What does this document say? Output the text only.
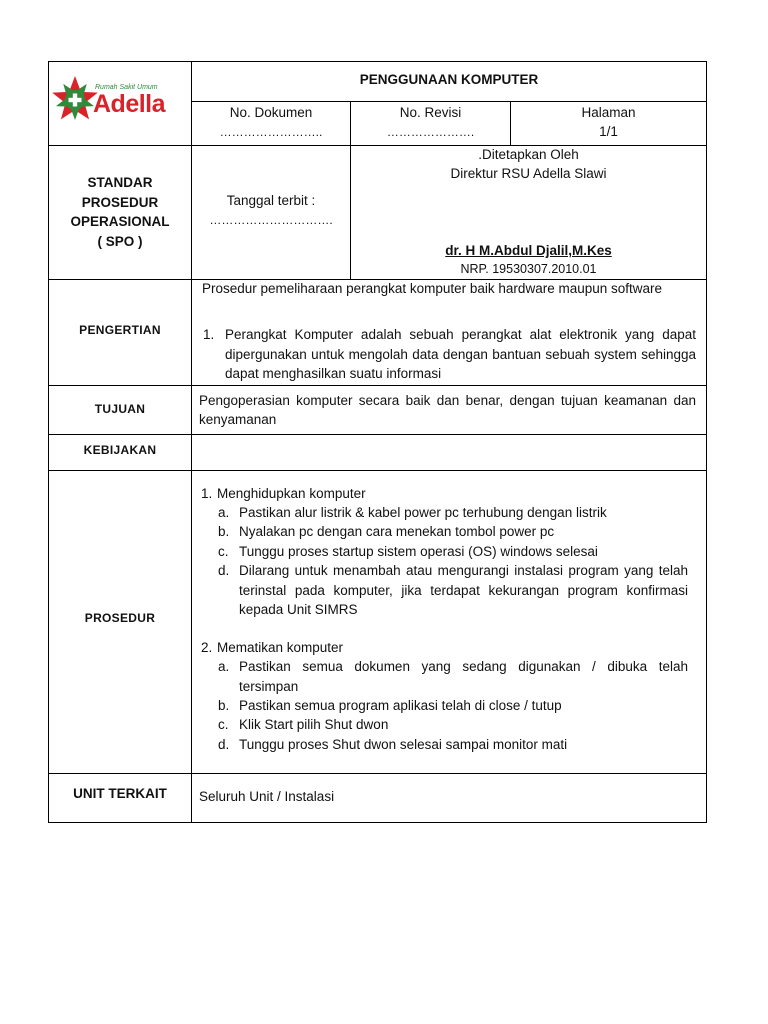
Rumah Sakit Umum
Adella
PENGGUNAAN KOMPUTER
No. Dokumen
……………………..
No. Revisi
………………….
Halaman
1/1
STANDAR
PROSEDUR
OPERASIONAL
( SPO )
Tanggal terbit :
………………………….
.Ditetapkan Oleh
Direktur RSU Adella Slawi
dr. H M.Abdul Djalil,M.Kes
NRP. 19530307.2010.01
PENGERTIAN
Prosedur pemeliharaan perangkat komputer baik hardware maupun software
1. Perangkat Komputer adalah sebuah perangkat alat elektronik yang dapat dipergunakan untuk mengolah data dengan bantuan sebuah system sehingga dapat menghasilkan suatu informasi
TUJUAN
Pengoperasian komputer secara baik dan benar, dengan tujuan keamanan dan kenyamanan
KEBIJAKAN
PROSEDUR
1. Menghidupkan komputer
a. Pastikan alur listrik & kabel power pc terhubung dengan listrik
b. Nyalakan pc dengan cara menekan tombol power pc
c. Tunggu proses startup sistem operasi (OS) windows selesai
d. Dilarang untuk menambah atau mengurangi instalasi program yang telah terinstal pada komputer, jika terdapat kekurangan program konfirmasi kepada Unit SIMRS
2. Mematikan komputer
a. Pastikan semua dokumen yang sedang digunakan / dibuka telah tersimpan
b. Pastikan semua program aplikasi telah di close / tutup
c. Klik Start pilih Shut dwon
d. Tunggu proses Shut dwon selesai sampai monitor mati
UNIT TERKAIT	Seluruh Unit / Instalasi
